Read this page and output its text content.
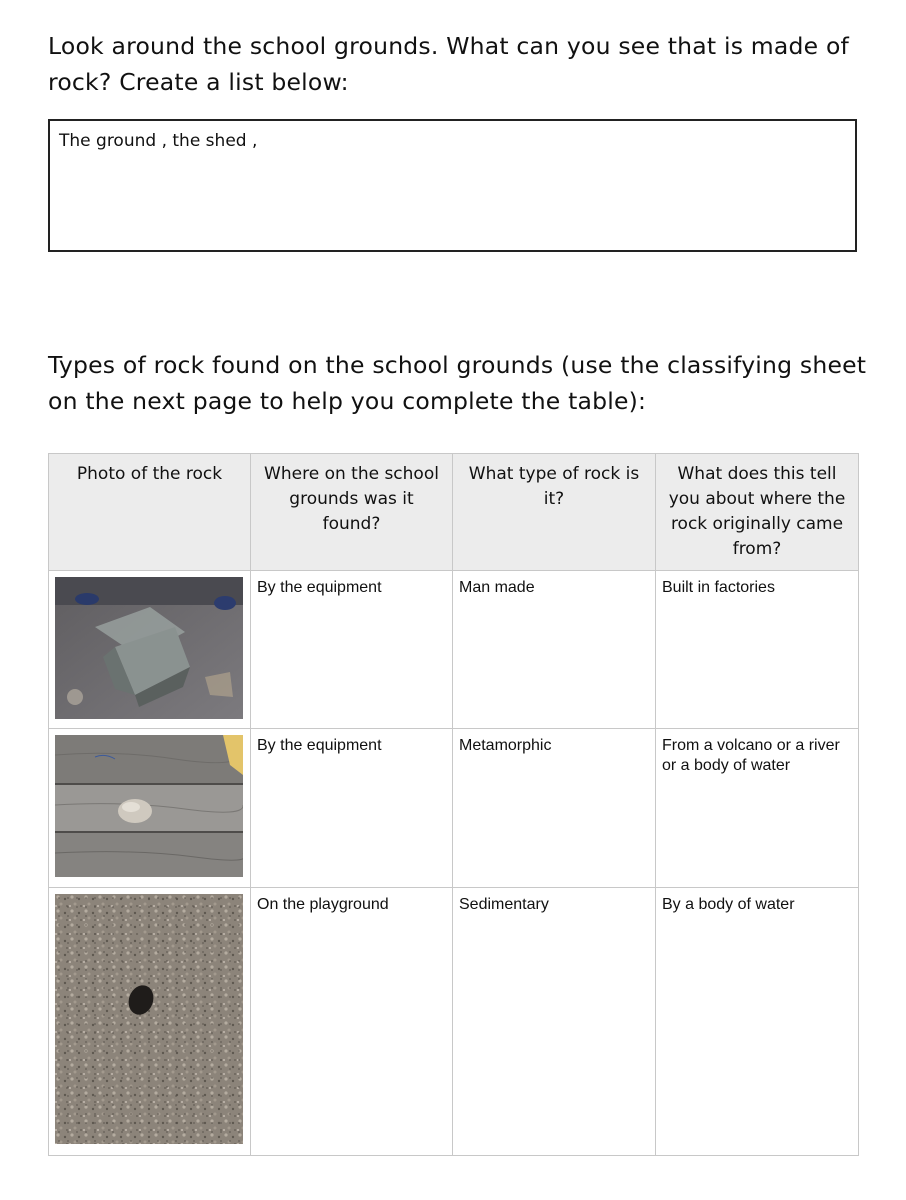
Look around the school grounds. What can you see that is made of rock? Create a list below:
The ground , the shed ,
Types of rock found on the school grounds (use the classifying sheet on the next page to help you complete the table):
Photo of the rock	Where on the school grounds was it found?	What type of rock is it?	What does this tell you about where the rock originally came from?

	By the equipment	Man made	Built in factories

	By the equipment	Metamorphic	From a volcano or a river or a body of water

	On the playground	Sedimentary	By a body of water
